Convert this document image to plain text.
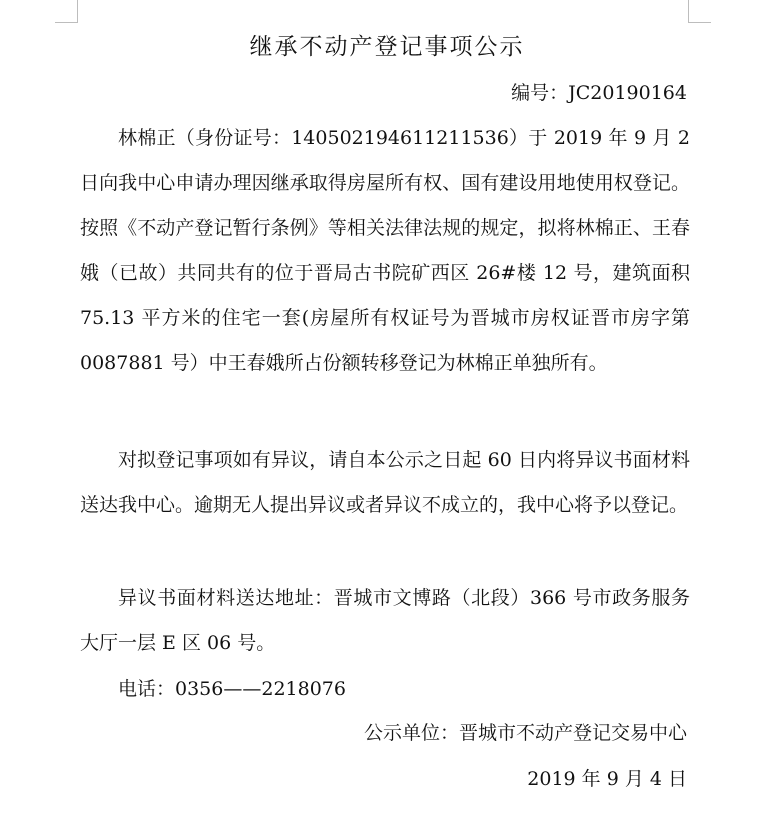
继承不动产登记事项公示
编号：JC20190164

林棉正（身份证号：140502194611211536）于 2019 年 9 月 2 日向我中心申请办理因继承取得房屋所有权、国有建设用地使用权登记。按照《不动产登记暂行条例》等相关法律法规的规定，拟将林棉正、王春娥（已故）共同共有的位于晋局古书院矿西区 26#楼 12 号，建筑面积 75.13 平方米的住宅一套(房屋所有权证号为晋城市房权证晋市房字第 0087881 号）中王春娥所占份额转移登记为林棉正单独所有。

对拟登记事项如有异议，请自本公示之日起 60 日内将异议书面材料送达我中心。逾期无人提出异议或者异议不成立的，我中心将予以登记。

异议书面材料送达地址：晋城市文博路（北段）366 号市政务服务大厅一层 E 区 06 号。

电话：0356——2218076

公示单位：晋城市不动产登记交易中心
2019 年 9 月 4 日
